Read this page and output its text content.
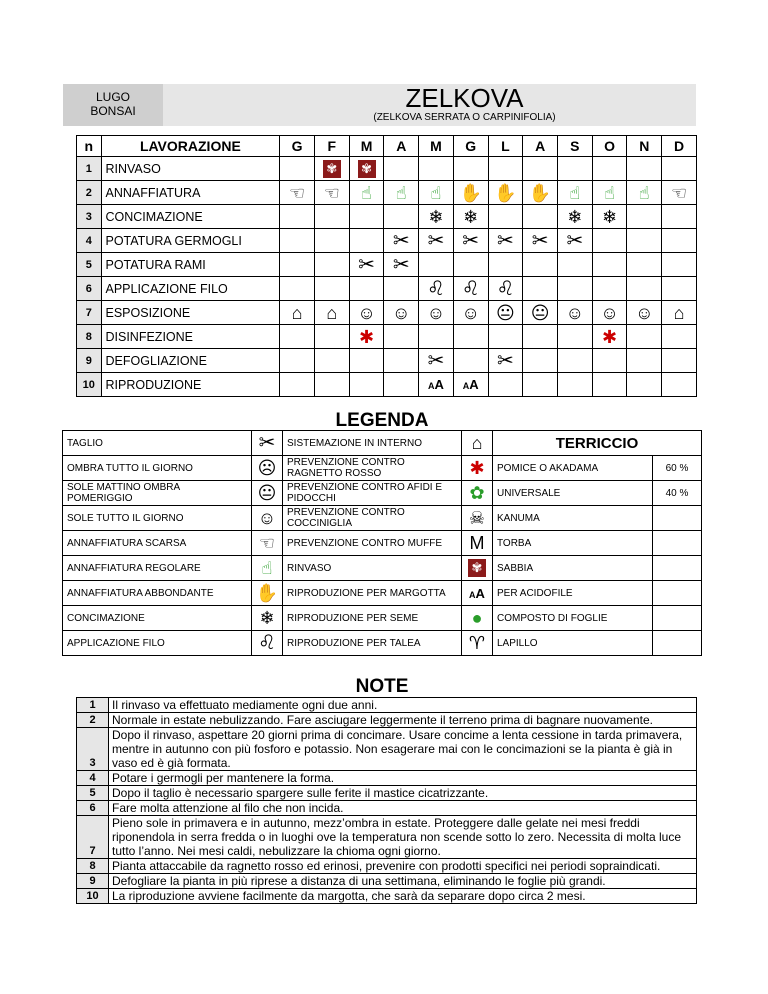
LUGO
BONSAI	ZELKOVA
(ZELKOVA SERRATA O CARPINIFOLIA)
n	LAVORAZIONE	G	F	M	A	M	G	L	A	S	O	N	D
1	RINVASO		✾	✾									
2	ANNAFFIATURA	☜	☜	☝	☝	☝	✋	✋	✋	☝	☝	☝	☜
3	CONCIMAZIONE					❄	❄			❄	❄		
4	POTATURA GERMOGLI				✂	✂	✂	✂	✂	✂			
5	POTATURA RAMI			✂	✂								
6	APPLICAZIONE FILO					♌	♌	♌					
7	ESPOSIZIONE	⌂	⌂	☺	☺	☺	☺	😐	😐	☺	☺	☺	⌂
8	DISINFEZIONE			✱							✱		
9	DEFOGLIAZIONE					✂		✂					
10	RIPRODUZIONE					AA	AA						
LEGENDA
TAGLIO	✂	SISTEMAZIONE IN INTERNO	⌂	TERRICCIO	
OMBRA TUTTO IL GIORNO	☹	PREVENZIONE CONTRO RAGNETTO ROSSO	✱	POMICE O AKADAMA	60 %
SOLE MATTINO OMBRA POMERIGGIO	😐	PREVENZIONE CONTRO AFIDI E PIDOCCHI	✿	UNIVERSALE	40 %
SOLE TUTTO IL GIORNO	☺	PREVENZIONE CONTRO COCCINIGLIA	☠	KANUMA	
ANNAFFIATURA SCARSA	☜	PREVENZIONE CONTRO MUFFE	M	TORBA	
ANNAFFIATURA REGOLARE	☝	RINVASO	✾	SABBIA	
ANNAFFIATURA ABBONDANTE	✋	RIPRODUZIONE PER MARGOTTA	AA	PER ACIDOFILE	
CONCIMAZIONE	❄	RIPRODUZIONE PER SEME	●	COMPOSTO DI FOGLIE	
APPLICAZIONE FILO	♌	RIPRODUZIONE PER TALEA	♈	LAPILLO	
NOTE
1	Il rinvaso va effettuato mediamente ogni due anni.
2	Normale in estate nebulizzando. Fare asciugare leggermente il terreno prima di bagnare nuovamente.
3	Dopo il rinvaso, aspettare 20 giorni prima di concimare. Usare concime a lenta cessione in tarda primavera, mentre in autunno con più fosforo e potassio. Non esagerare mai con le concimazioni se la pianta è già in vaso ed è già formata.
4	Potare i germogli per mantenere la forma.
5	Dopo il taglio è necessario spargere sulle ferite il mastice cicatrizzante.
6	Fare molta attenzione al filo che non incida.
7	Pieno sole in primavera e in autunno, mezz’ombra in estate. Proteggere dalle gelate nei mesi freddi riponendola in serra fredda o in luoghi ove la temperatura non scende sotto lo zero. Necessita di molta luce tutto l’anno. Nei mesi caldi, nebulizzare la chioma ogni giorno.
8	Pianta attaccabile da ragnetto rosso ed erinosi, prevenire con prodotti specifici nei periodi sopraindicati.
9	Defogliare la pianta in più riprese a distanza di una settimana, eliminando le foglie più grandi.
10	La riproduzione avviene facilmente da margotta, che sarà da separare dopo circa 2 mesi.
